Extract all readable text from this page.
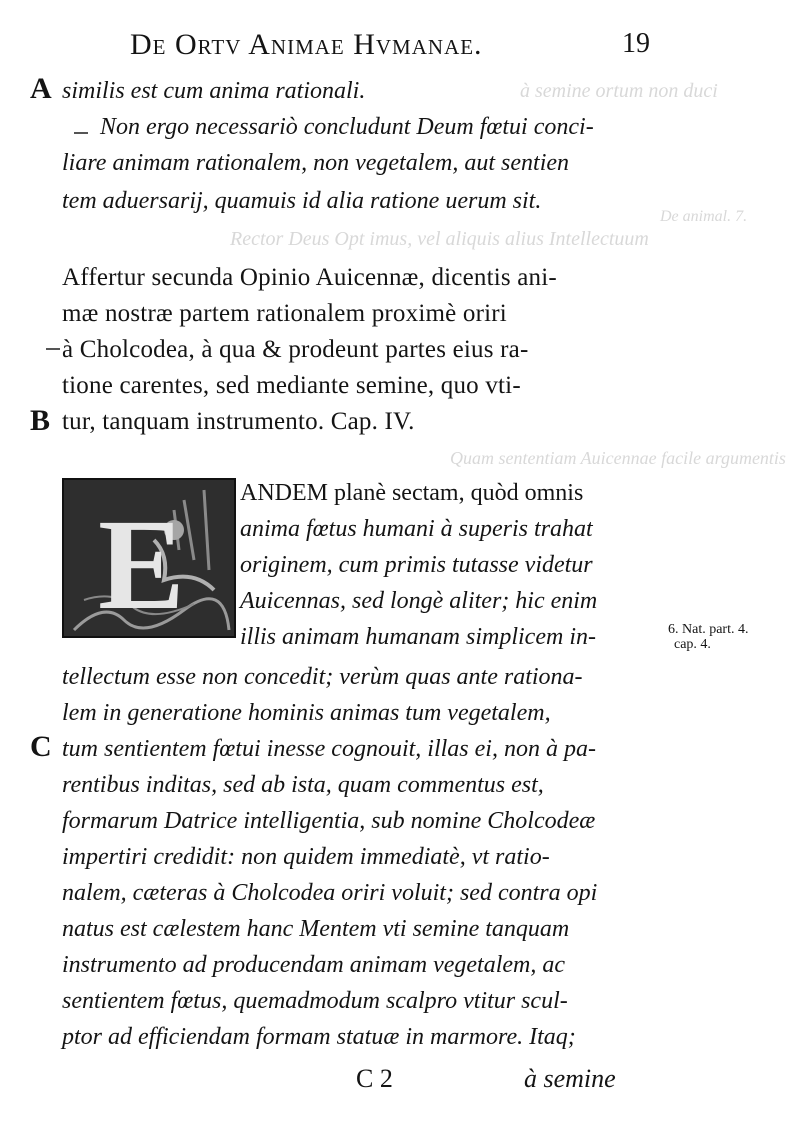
à semine ortum non duci
Rector Deus Opt imus, vel aliquis alius Intellectuum
De animal. 7.
Quam sententiam Auicennae facile argumentis
De Ortv Animae Hvmanae.	19
A
B
C
similis est cum anima rationali.
Non ergo necessariò concludunt Deum fœtui conci-
liare animam rationalem, non vegetalem, aut sentien
tem aduersarij, quamuis id alia ratione uerum sit.
Affertur secunda Opinio Auicennæ, dicentis ani-
mæ nostræ partem rationalem proximè oriri
à Cholcodea, à qua & prodeunt partes eius ra-
tione carentes, sed mediante semine, quo vti-
tur, tanquam instrumento. Cap. IV.
E ANDEM planè sectam, quòd omnis
anima fœtus humani à superis trahat
originem, cum primis tutasse videtur
Auicennas, sed longè aliter; hic enim
illis animam humanam simplicem in-	6. Nat. part. 4.
cap. 4.
tellectum esse non concedit; verùm quas ante rationa-
lem in generatione hominis animas tum vegetalem,
tum sentientem fœtui inesse cognouit, illas ei, non à pa-
rentibus inditas, sed ab ista, quam commentus est,
formarum Datrice intelligentia, sub nomine Cholcodeæ
impertiri credidit: non quidem immediatè, vt ratio-
nalem, cæteras à Cholcodea oriri voluit; sed contra opi
natus est cælestem hanc Mentem vti semine tanquam
instrumento ad producendam animam vegetalem, ac
sentientem fœtus, quemadmodum scalpro vtitur scul-
ptor ad efficiendam formam statuæ in marmore. Itaq;
C 2	à semine
